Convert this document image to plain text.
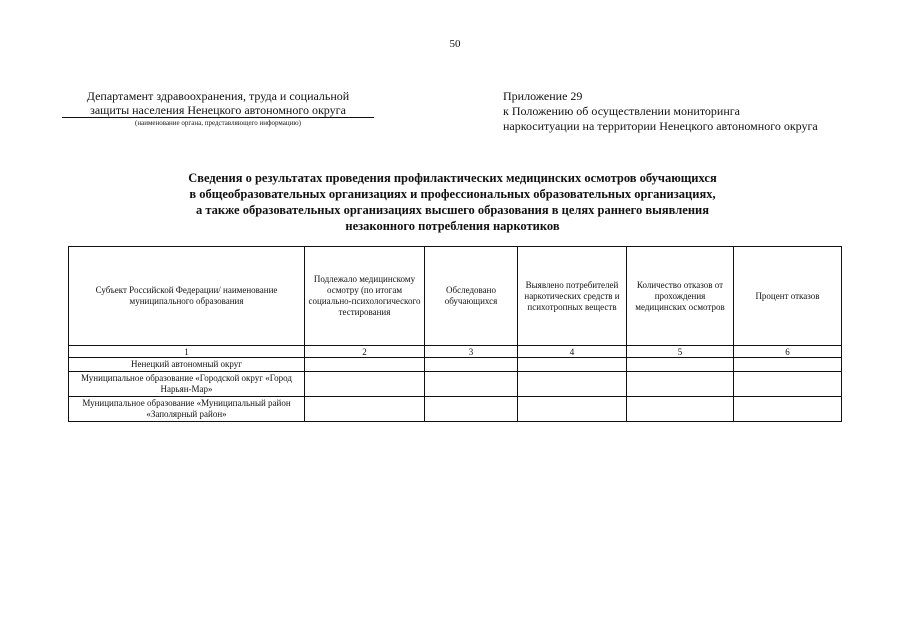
50
Департамент здравоохранения, труда и социальной
защиты населения Ненецкого автономного округа
(наименование органа, представляющего информацию)
Приложение 29
к Положению об осуществлении мониторинга
наркоситуации на территории Ненецкого автономного округа
Сведения о результатах проведения профилактических медицинских осмотров обучающихся
в общеобразовательных организациях и профессиональных образовательных организациях,
а также образовательных организациях высшего образования в целях раннего выявления
незаконного потребления наркотиков
Субъект Российской Федерации/ наименование муниципального образования	Подлежало медицинскому осмотру (по итогам социально-психологического тестирования	Обследовано обучающихся	Выявлено потребителей наркотических средств и психотропных веществ	Количество отказов от прохождения медицинских осмотров	Процент отказов

1	2	3	4	5	6
Ненецкий автономный округ					
Муниципальное образование «Городской округ «Город Нарьян-Мар»					
Муниципальное образование «Муниципальный район «Заполярный район»					
